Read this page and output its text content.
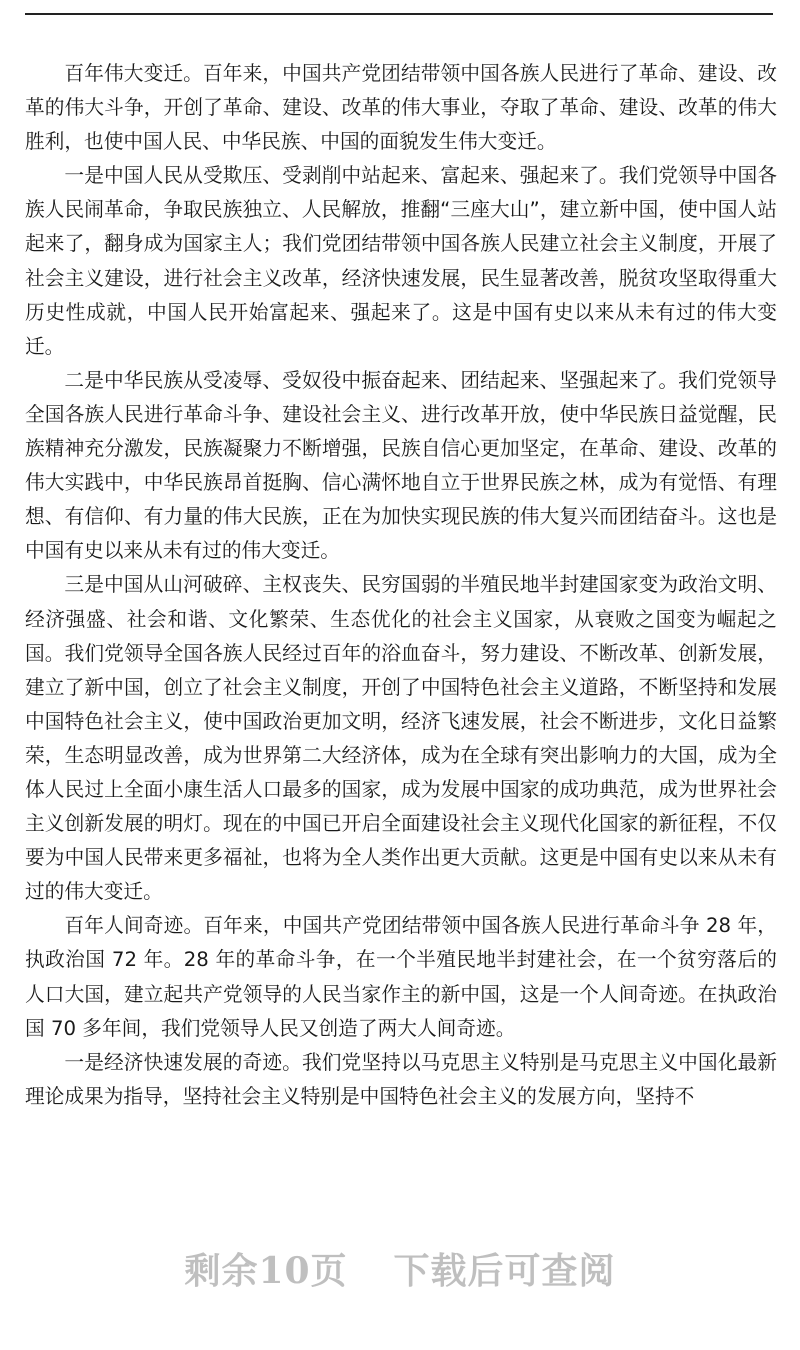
百年伟大变迁。百年来，中国共产党团结带领中国各族人民进行了革命、建设、改革的伟大斗争，开创了革命、建设、改革的伟大事业，夺取了革命、建设、改革的伟大胜利，也使中国人民、中华民族、中国的面貌发生伟大变迁。

一是中国人民从受欺压、受剥削中站起来、富起来、强起来了。我们党领导中国各族人民闹革命，争取民族独立、人民解放，推翻“三座大山”，建立新中国，使中国人站起来了，翻身成为国家主人；我们党团结带领中国各族人民建立社会主义制度，开展了社会主义建设，进行社会主义改革，经济快速发展，民生显著改善，脱贫攻坚取得重大历史性成就，中国人民开始富起来、强起来了。这是中国有史以来从未有过的伟大变迁。

二是中华民族从受凌辱、受奴役中振奋起来、团结起来、坚强起来了。我们党领导全国各族人民进行革命斗争、建设社会主义、进行改革开放，使中华民族日益觉醒，民族精神充分激发，民族凝聚力不断增强，民族自信心更加坚定，在革命、建设、改革的伟大实践中，中华民族昂首挺胸、信心满怀地自立于世界民族之林，成为有觉悟、有理想、有信仰、有力量的伟大民族，正在为加快实现民族的伟大复兴而团结奋斗。这也是中国有史以来从未有过的伟大变迁。

三是中国从山河破碎、主权丧失、民穷国弱的半殖民地半封建国家变为政治文明、经济强盛、社会和谐、文化繁荣、生态优化的社会主义国家，从衰败之国变为崛起之国。我们党领导全国各族人民经过百年的浴血奋斗，努力建设、不断改革、创新发展，建立了新中国，创立了社会主义制度，开创了中国特色社会主义道路，不断坚持和发展中国特色社会主义，使中国政治更加文明，经济飞速发展，社会不断进步，文化日益繁荣，生态明显改善，成为世界第二大经济体，成为在全球有突出影响力的大国，成为全体人民过上全面小康生活人口最多的国家，成为发展中国家的成功典范，成为世界社会主义创新发展的明灯。现在的中国已开启全面建设社会主义现代化国家的新征程，不仅要为中国人民带来更多福祉，也将为全人类作出更大贡献。这更是中国有史以来从未有过的伟大变迁。

百年人间奇迹。百年来，中国共产党团结带领中国各族人民进行革命斗争 28 年，执政治国 72 年。28 年的革命斗争，在一个半殖民地半封建社会，在一个贫穷落后的人口大国，建立起共产党领导的人民当家作主的新中国，这是一个人间奇迹。在执政治国 70 多年间，我们党领导人民又创造了两大人间奇迹。

一是经济快速发展的奇迹。我们党坚持以马克思主义特别是马克思主义中国化最新理论成果为指导，坚持社会主义特别是中国特色社会主义的发展方向，坚持不

剩余10页 下载后可查阅
